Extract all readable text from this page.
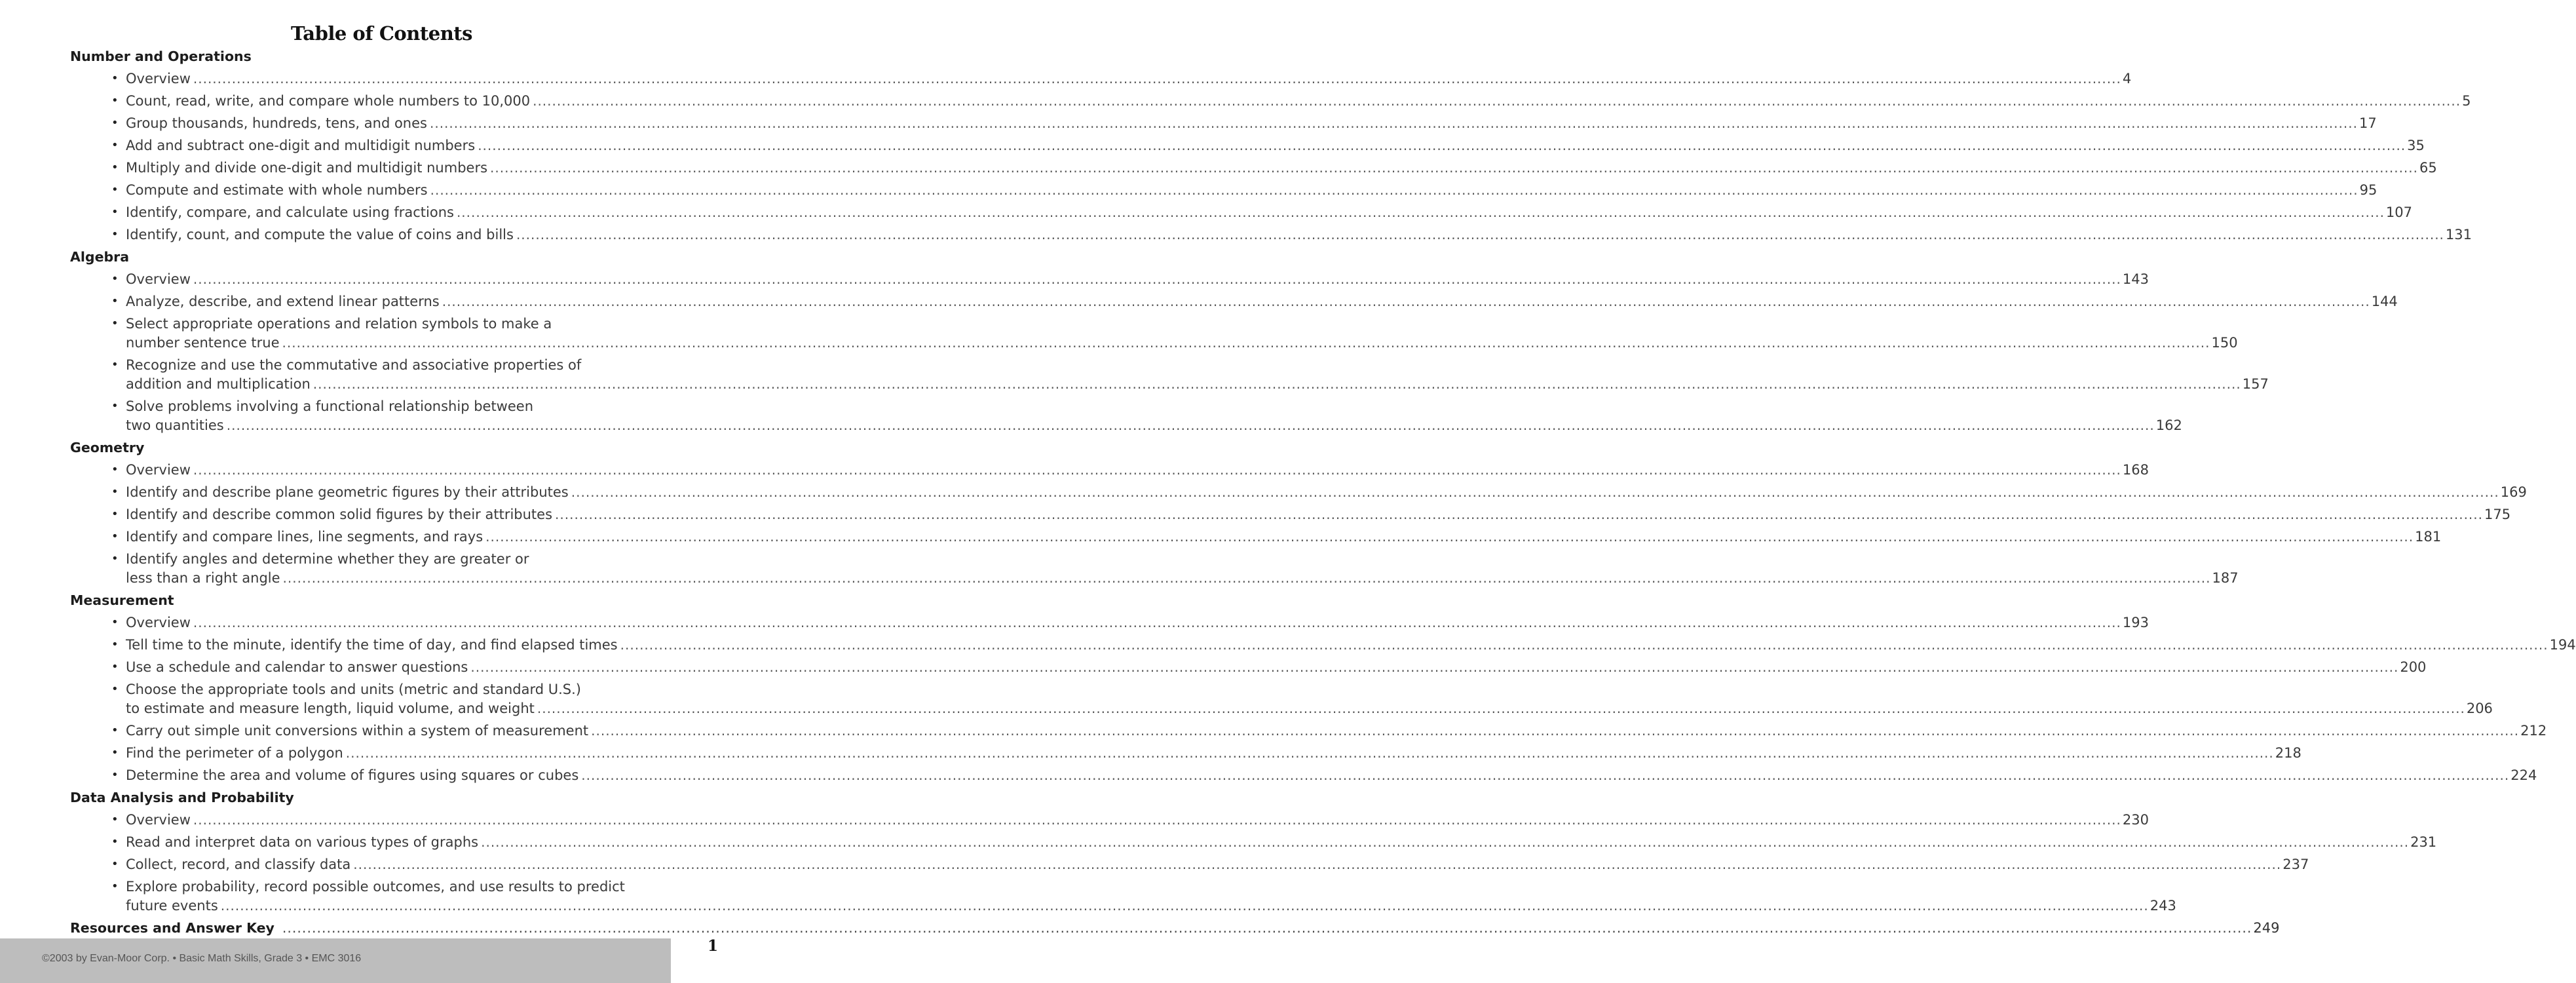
Table of Contents
Number and Operations
• Overview ................................................................................................................................................................................................................................................................................................................................................................................................................ 4
• Count, read, write, and compare whole numbers to 10,000 ................................................................................................................................................................................................................................................................................................................................................................................................................ 5
• Group thousands, hundreds, tens, and ones ................................................................................................................................................................................................................................................................................................................................................................................................................ 17
• Add and subtract one-digit and multidigit numbers ................................................................................................................................................................................................................................................................................................................................................................................................................ 35
• Multiply and divide one-digit and multidigit numbers ................................................................................................................................................................................................................................................................................................................................................................................................................ 65
• Compute and estimate with whole numbers ................................................................................................................................................................................................................................................................................................................................................................................................................ 95
• Identify, compare, and calculate using fractions ................................................................................................................................................................................................................................................................................................................................................................................................................ 107
• Identify, count, and compute the value of coins and bills ................................................................................................................................................................................................................................................................................................................................................................................................................ 131
Algebra
• Overview ................................................................................................................................................................................................................................................................................................................................................................................................................ 143
• Analyze, describe, and extend linear patterns ................................................................................................................................................................................................................................................................................................................................................................................................................ 144
• Select appropriate operations and relation symbols to make a
number sentence true ................................................................................................................................................................................................................................................................................................................................................................................................................ 150
• Recognize and use the commutative and associative properties of
addition and multiplication ................................................................................................................................................................................................................................................................................................................................................................................................................ 157
• Solve problems involving a functional relationship between
two quantities ................................................................................................................................................................................................................................................................................................................................................................................................................ 162
Geometry
• Overview ................................................................................................................................................................................................................................................................................................................................................................................................................ 168
• Identify and describe plane geometric figures by their attributes ................................................................................................................................................................................................................................................................................................................................................................................................................ 169
• Identify and describe common solid figures by their attributes ................................................................................................................................................................................................................................................................................................................................................................................................................ 175
• Identify and compare lines, line segments, and rays ................................................................................................................................................................................................................................................................................................................................................................................................................ 181
• Identify angles and determine whether they are greater or
less than a right angle ................................................................................................................................................................................................................................................................................................................................................................................................................ 187
Measurement
• Overview ................................................................................................................................................................................................................................................................................................................................................................................................................ 193
• Tell time to the minute, identify the time of day, and find elapsed times ................................................................................................................................................................................................................................................................................................................................................................................................................ 194
• Use a schedule and calendar to answer questions ................................................................................................................................................................................................................................................................................................................................................................................................................ 200
• Choose the appropriate tools and units (metric and standard U.S.)
to estimate and measure length, liquid volume, and weight ................................................................................................................................................................................................................................................................................................................................................................................................................ 206
• Carry out simple unit conversions within a system of measurement ................................................................................................................................................................................................................................................................................................................................................................................................................ 212
• Find the perimeter of a polygon ................................................................................................................................................................................................................................................................................................................................................................................................................ 218
• Determine the area and volume of figures using squares or cubes ................................................................................................................................................................................................................................................................................................................................................................................................................ 224
Data Analysis and Probability
• Overview ................................................................................................................................................................................................................................................................................................................................................................................................................ 230
• Read and interpret data on various types of graphs ................................................................................................................................................................................................................................................................................................................................................................................................................ 231
• Collect, record, and classify data ................................................................................................................................................................................................................................................................................................................................................................................................................ 237
• Explore probability, record possible outcomes, and use results to predict
future events ................................................................................................................................................................................................................................................................................................................................................................................................................ 243
Resources and Answer Key ................................................................................................................................................................................................................................................................................................................................................................................................................ 249
©2003 by Evan-Moor Corp. • Basic Math Skills, Grade 3 • EMC 3016
1
